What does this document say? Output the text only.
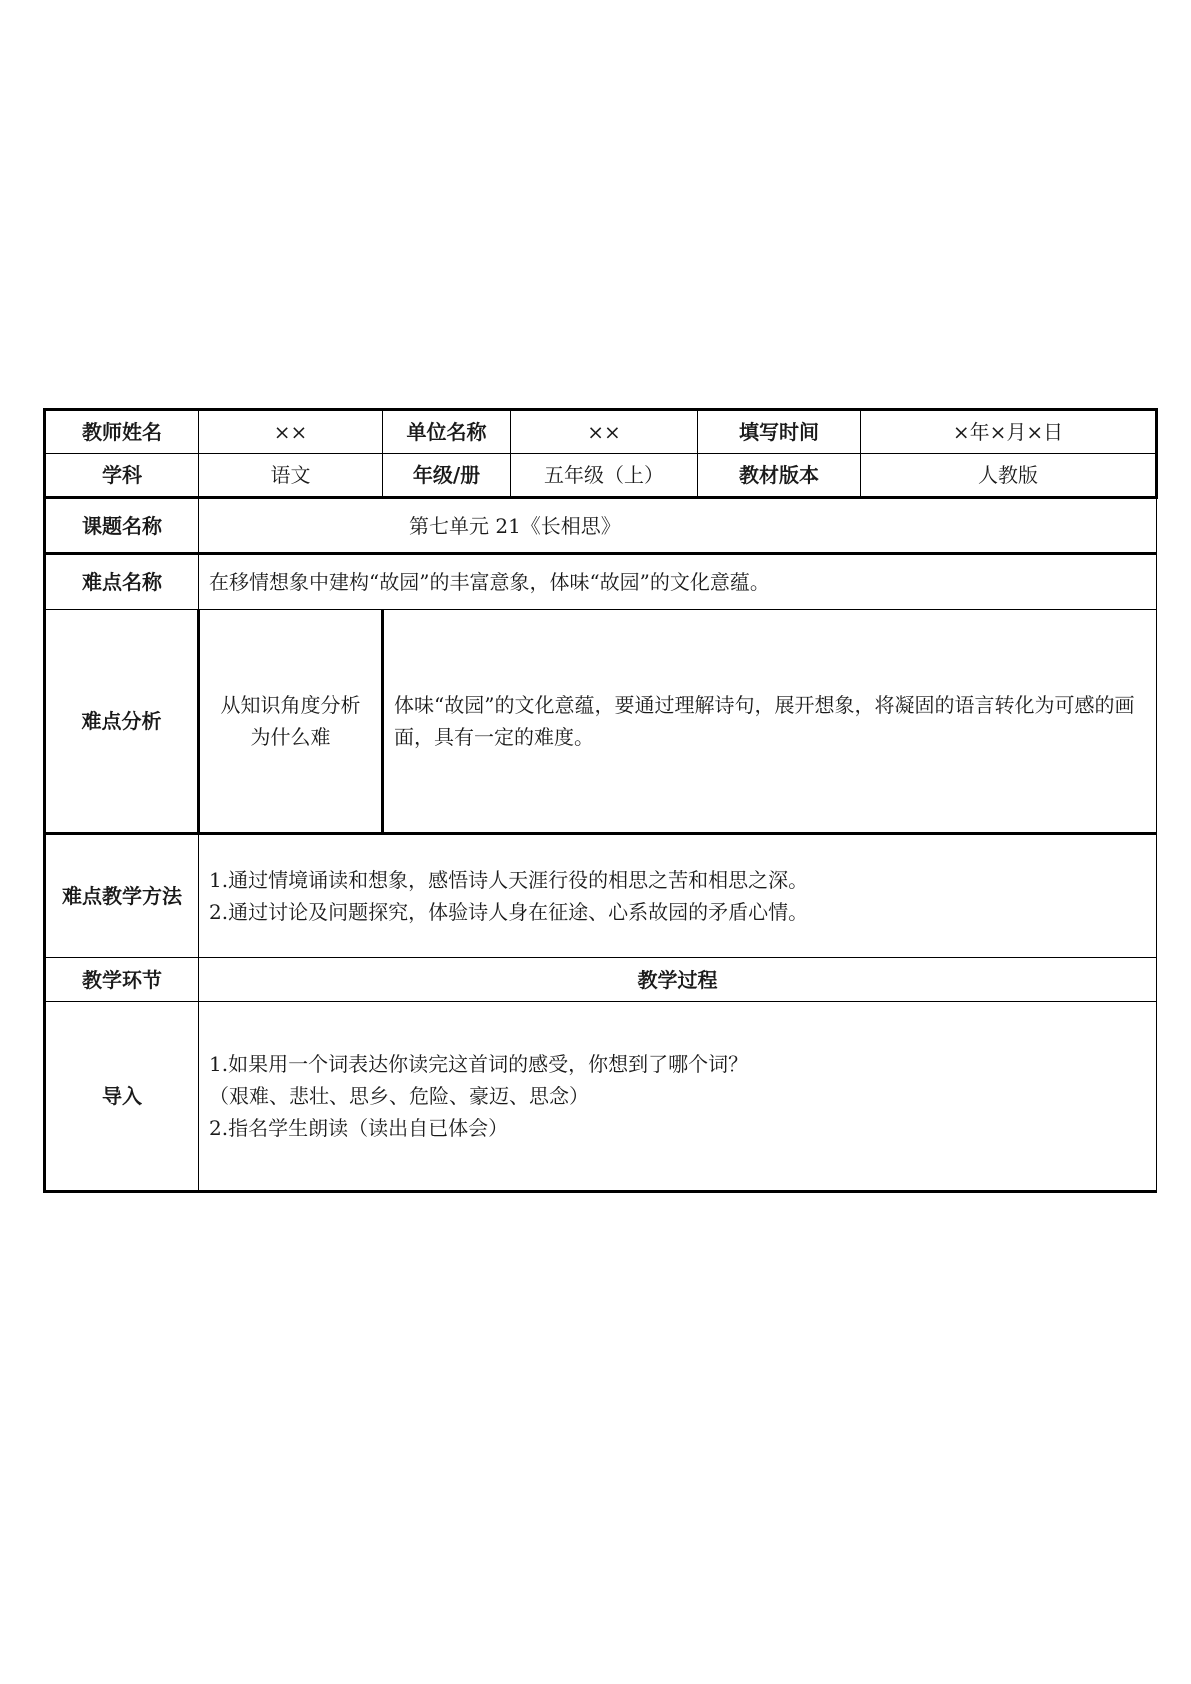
教师姓名	××	单位名称	××	填写时间	×年×月×日
学科	语文	年级/册	五年级（上）	教材版本	人教版
课题名称	第七单元 21《长相思》				
难点名称	在移情想象中建构“故园”的丰富意象，体味“故园”的文化意蕴。				
难点分析	从知识角度分析为什么难	体味“故园”的文化意蕴，要通过理解诗句，展开想象，将凝固的语言转化为可感的画面，具有一定的难度。			
难点教学方法	1.通过情境诵读和想象，感悟诗人天涯行役的相思之苦和相思之深。
2.通过讨论及问题探究，体验诗人身在征途、心系故园的矛盾心情。				

教学环节	教学过程				
导入	1.如果用一个词表达你读完这首词的感受，你想到了哪个词？
（艰难、悲壮、思乡、危险、豪迈、思念）
2.指名学生朗读（读出自已体会）				
